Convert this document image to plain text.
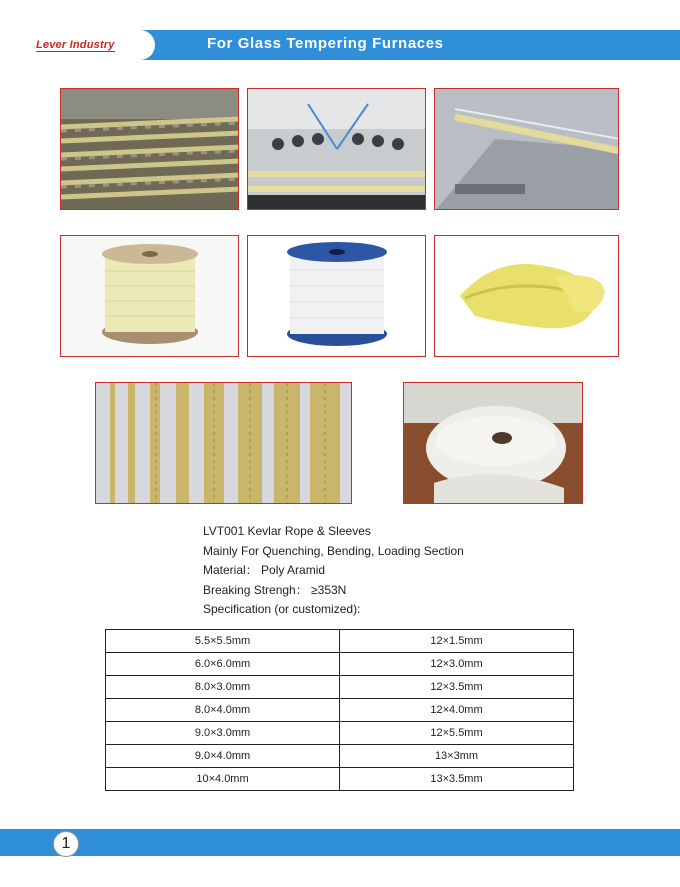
Lever Industry	For Glass Tempering Furnaces
LVT001 Kevlar Rope & Sleeves
Mainly For Quenching, Bending, Loading Section
Material： Poly Aramid
Breaking Strengh： ≥353N
Specification (or customized):
5.5×5.5mm	12×1.5mm
6.0×6.0mm	12×3.0mm
8.0×3.0mm	12×3.5mm
8.0×4.0mm	12×4.0mm
9.0×3.0mm	12×5.5mm
9.0×4.0mm	13×3mm
10×4.0mm	13×3.5mm
1
